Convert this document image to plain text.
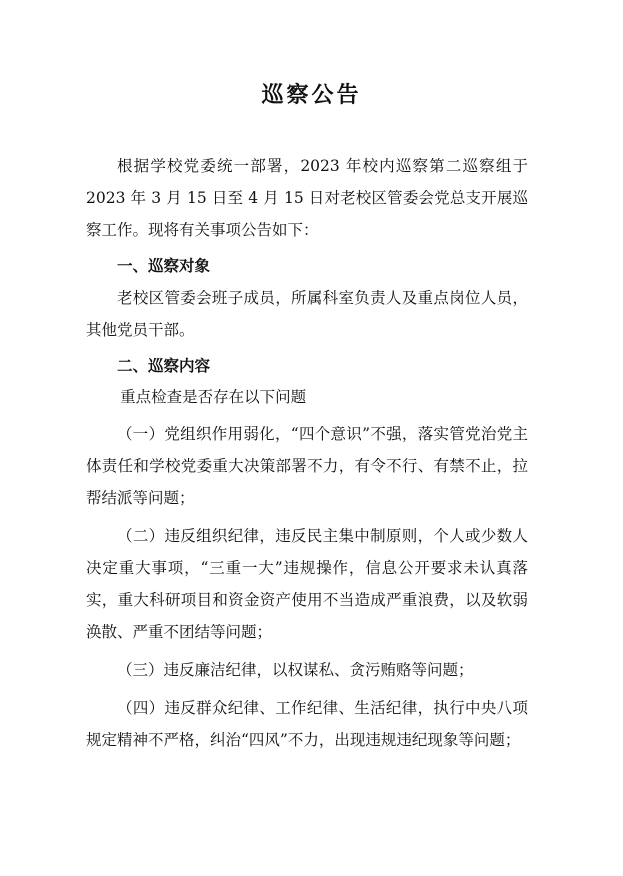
巡察公告

根据学校党委统一部署，2023 年校内巡察第二巡察组于 2023 年 3 月 15 日至 4 月 15 日对老校区管委会党总支开展巡察工作。现将有关事项公告如下：

一、巡察对象

老校区管委会班子成员，所属科室负责人及重点岗位人员，其他党员干部。

二、巡察内容

重点检查是否存在以下问题

（一）党组织作用弱化，“四个意识”不强，落实管党治党主体责任和学校党委重大决策部署不力，有令不行、有禁不止，拉帮结派等问题；

（二）违反组织纪律，违反民主集中制原则，个人或少数人决定重大事项，“三重一大”违规操作，信息公开要求未认真落实，重大科研项目和资金资产使用不当造成严重浪费，以及软弱涣散、严重不团结等问题；

（三）违反廉洁纪律，以权谋私、贪污贿赂等问题；

（四）违反群众纪律、工作纪律、生活纪律，执行中央八项规定精神不严格，纠治“四风”不力，出现违规违纪现象等问题；
